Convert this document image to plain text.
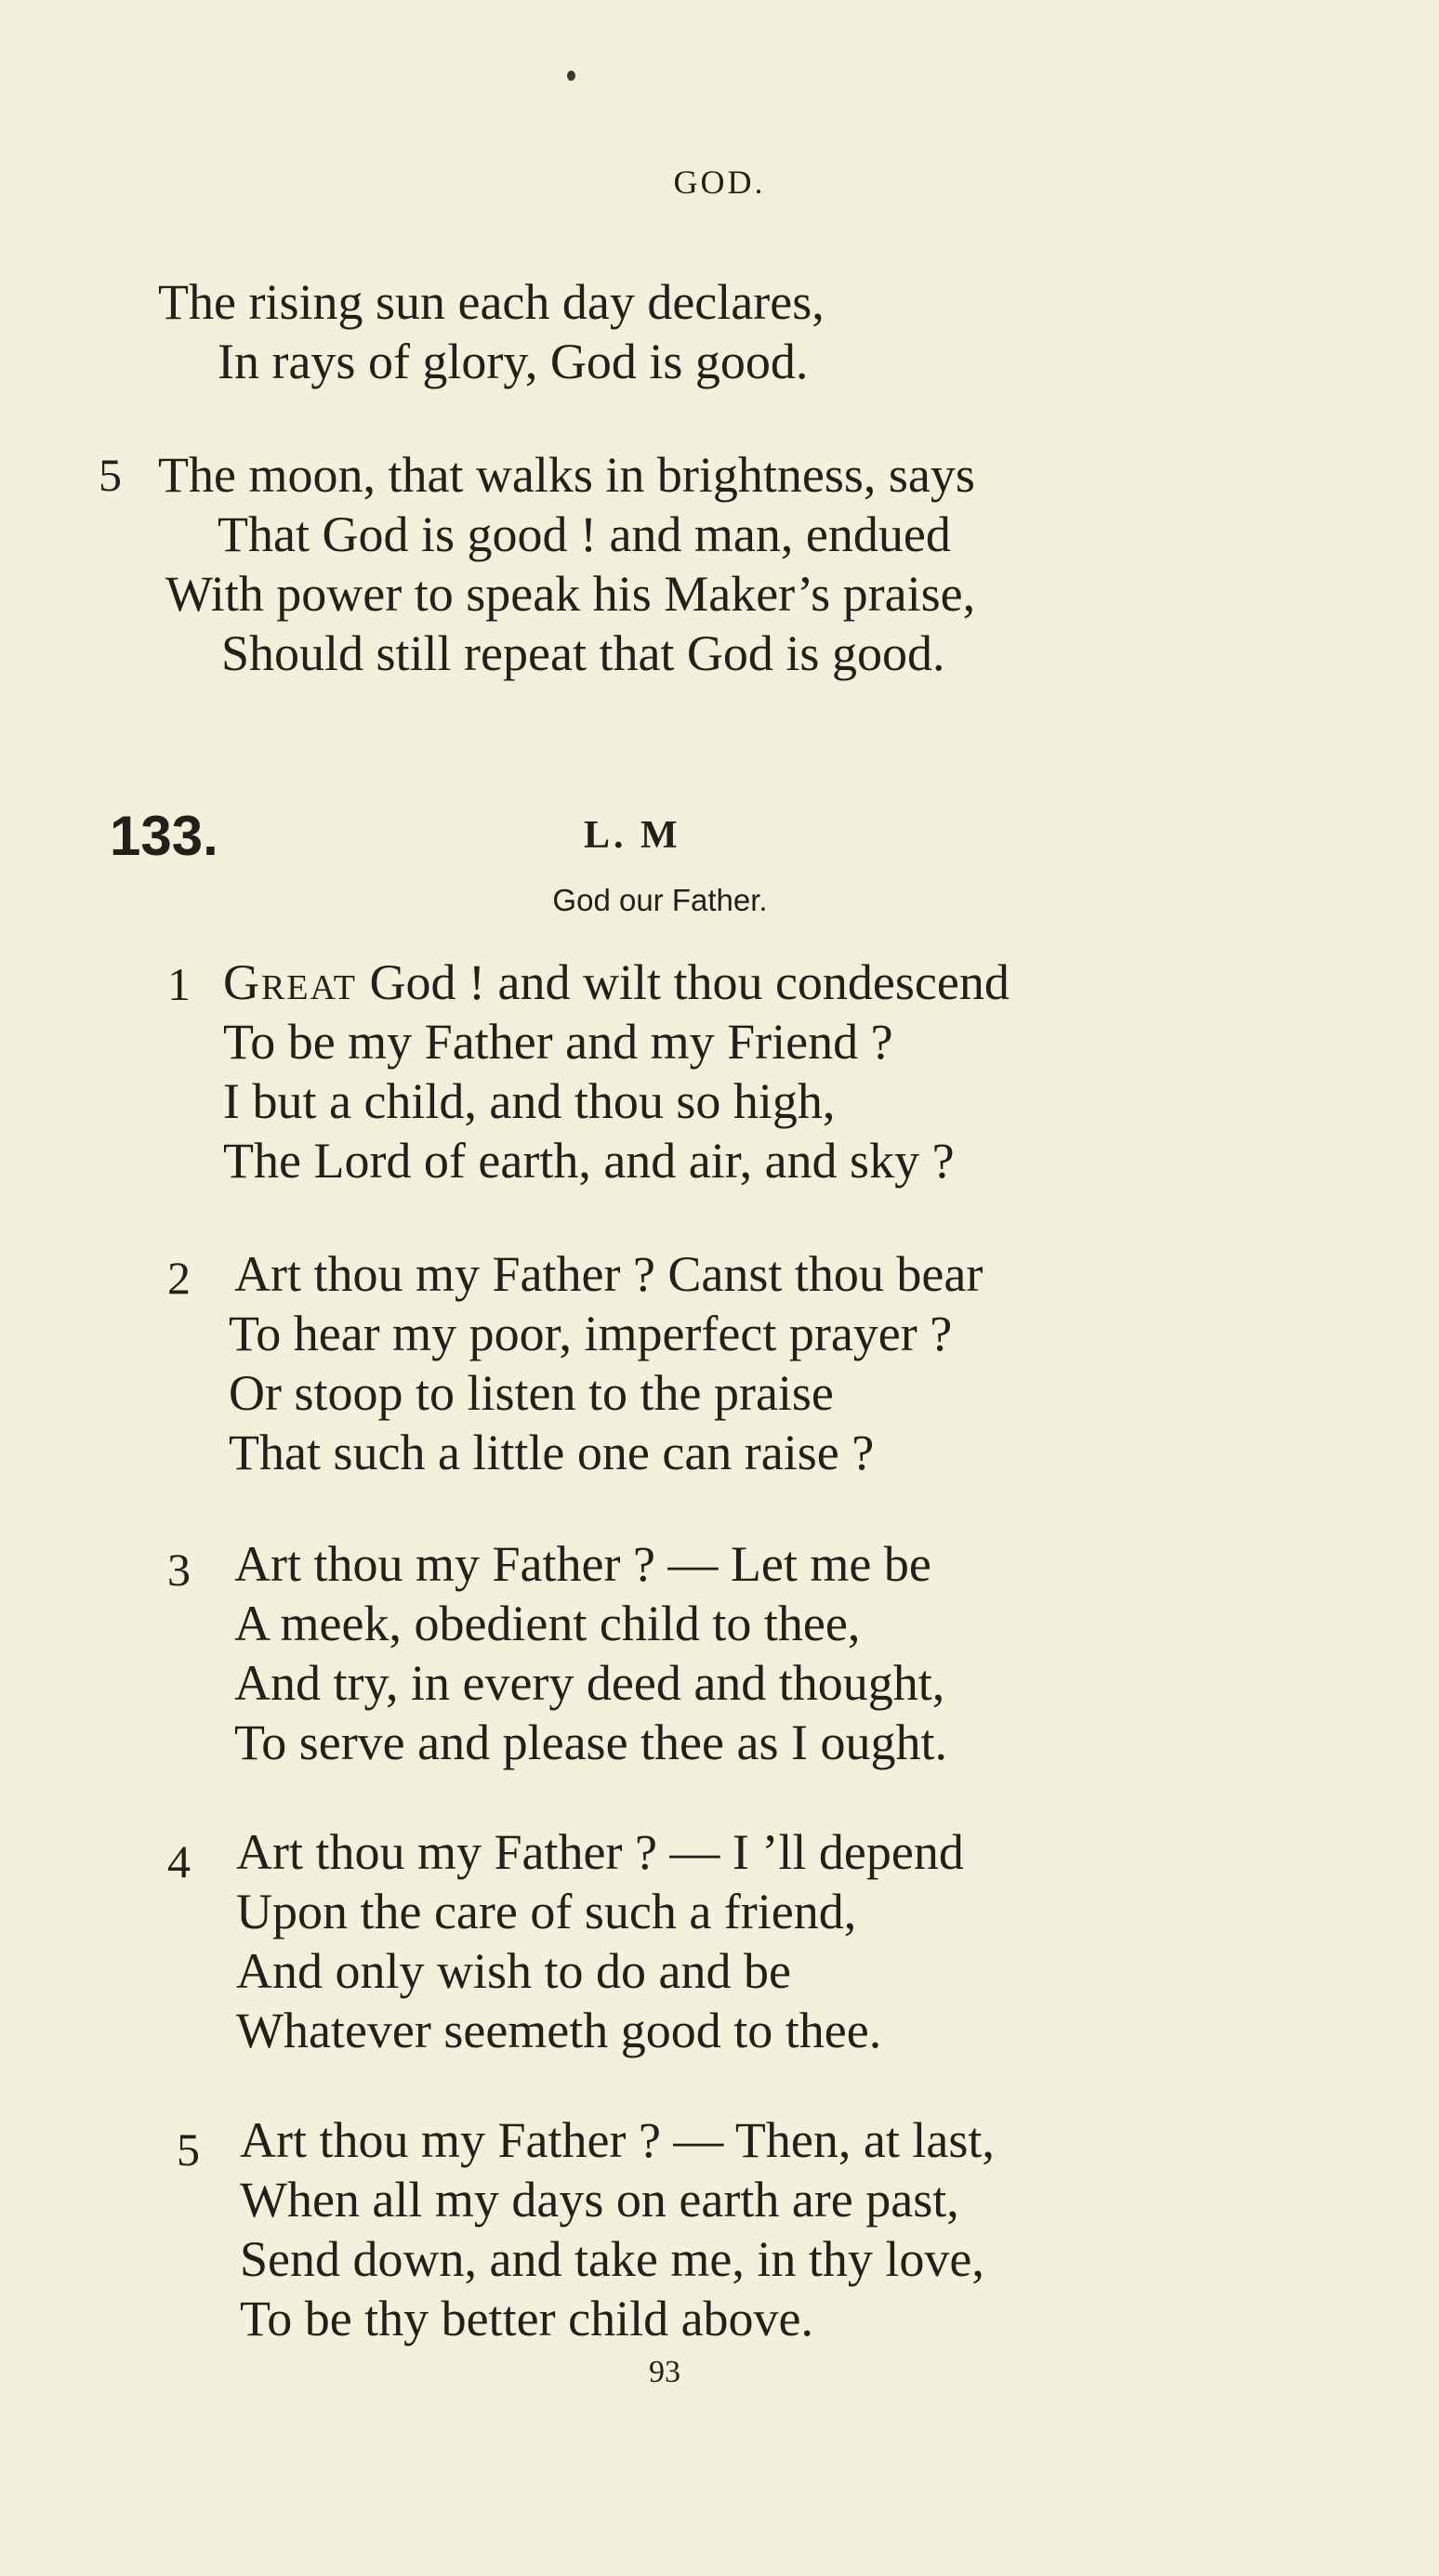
GOD.
The rising sun each day declares,
In rays of glory, God is good.
5 The moon, that walks in brightness, says
That God is good ! and man, endued
With power to speak his Maker’s praise,
Should still repeat that God is good.
133.	L. M
God our Father.
1 Great God ! and wilt thou condescend
To be my Father and my Friend ?
I but a child, and thou so high,
The Lord of earth, and air, and sky ?
2 Art thou my Father ? Canst thou bear
To hear my poor, imperfect prayer ?
Or stoop to listen to the praise
That such a little one can raise ?
3 Art thou my Father ? — Let me be
A meek, obedient child to thee,
And try, in every deed and thought,
To serve and please thee as I ought.
4 Art thou my Father ? — I ’ll depend
Upon the care of such a friend,
And only wish to do and be
Whatever seemeth good to thee.
5 Art thou my Father ? — Then, at last,
When all my days on earth are past,
Send down, and take me, in thy love,
To be thy better child above.
93
